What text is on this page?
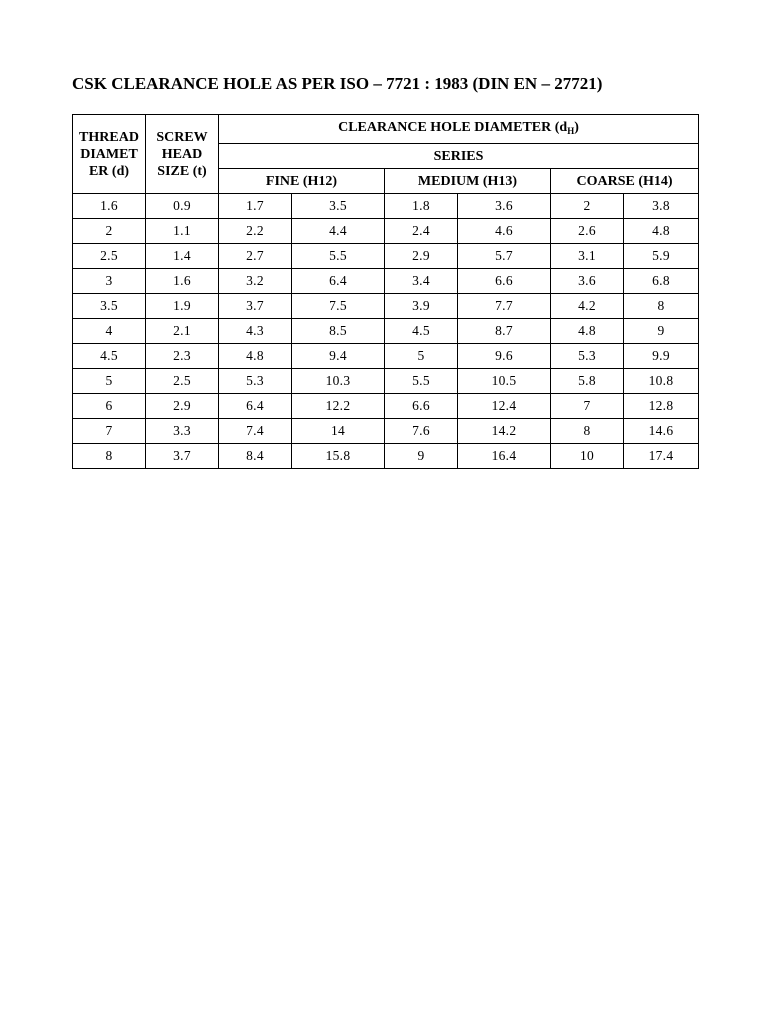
CSK CLEARANCE HOLE AS PER ISO – 7721 : 1983 (DIN EN – 27721)
THREAD
DIAMET
ER (d)	SCREW
HEAD
SIZE (t)	CLEARANCE HOLE DIAMETER $(d_H)$					
		SERIES					
		FINE (H12)		MEDIUM (H13)		COARSE (H14)	
1.6	0.9	1.7	3.5	1.8	3.6	2	3.8
2	1.1	2.2	4.4	2.4	4.6	2.6	4.8
2.5	1.4	2.7	5.5	2.9	5.7	3.1	5.9
3	1.6	3.2	6.4	3.4	6.6	3.6	6.8
3.5	1.9	3.7	7.5	3.9	7.7	4.2	8
4	2.1	4.3	8.5	4.5	8.7	4.8	9
4.5	2.3	4.8	9.4	5	9.6	5.3	9.9
5	2.5	5.3	10.3	5.5	10.5	5.8	10.8
6	2.9	6.4	12.2	6.6	12.4	7	12.8
7	3.3	7.4	14	7.6	14.2	8	14.6
8	3.7	8.4	15.8	9	16.4	10	17.4
